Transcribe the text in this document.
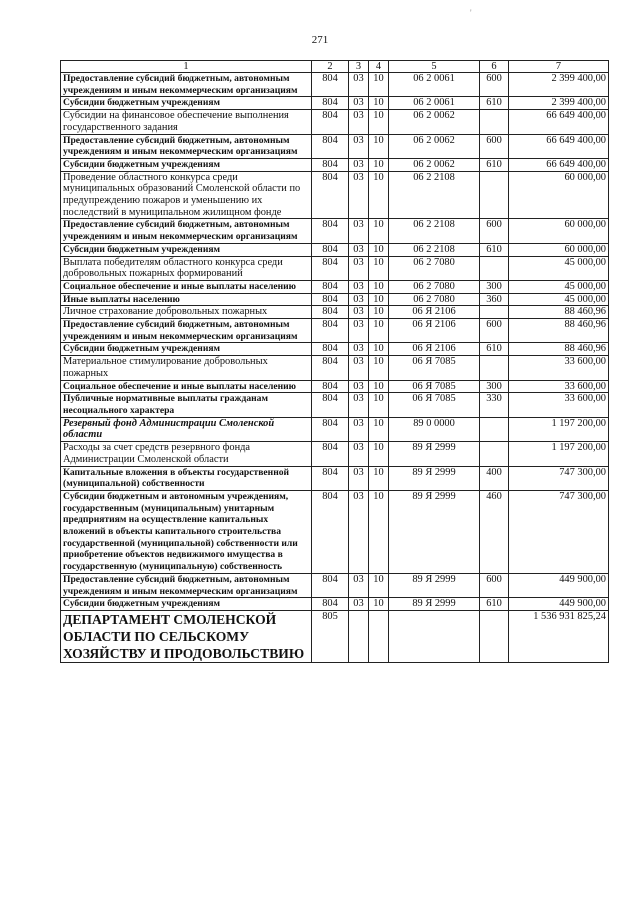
271
'
1	2	3	4	5	6	7
Предоставление субсидий бюджетным, автономным учреждениям и иным некоммерческим организациям	804	03	10	06 2 0061	600	2 399 400,00
Субсидии бюджетным учреждениям	804	03	10	06 2 0061	610	2 399 400,00
Субсидии на финансовое обеспечение выполнения государственного задания	804	03	10	06 2 0062		66 649 400,00
Предоставление субсидий бюджетным, автономным учреждениям и иным некоммерческим организациям	804	03	10	06 2 0062	600	66 649 400,00
Субсидии бюджетным учреждениям	804	03	10	06 2 0062	610	66 649 400,00
Проведение областного конкурса среди муниципальных образований Смоленской области по предупреждению пожаров и уменьшению их последствий в муниципальном жилищном фонде	804	03	10	06 2 2108		60 000,00
Предоставление субсидий бюджетным, автономным учреждениям и иным некоммерческим организациям	804	03	10	06 2 2108	600	60 000,00
Субсидии бюджетным учреждениям	804	03	10	06 2 2108	610	60 000,00
Выплата победителям областного конкурса среди добровольных пожарных формирований	804	03	10	06 2 7080		45 000,00
Социальное обеспечение и иные выплаты населению	804	03	10	06 2 7080	300	45 000,00
Иные выплаты населению	804	03	10	06 2 7080	360	45 000,00
Личное страхование добровольных пожарных	804	03	10	06 Я 2106		88 460,96
Предоставление субсидий бюджетным, автономным учреждениям и иным некоммерческим организациям	804	03	10	06 Я 2106	600	88 460,96
Субсидии бюджетным учреждениям	804	03	10	06 Я 2106	610	88 460,96
Материальное стимулирование добровольных пожарных	804	03	10	06 Я 7085		33 600,00
Социальное обеспечение и иные выплаты населению	804	03	10	06 Я 7085	300	33 600,00
Публичные нормативные выплаты гражданам несоциального характера	804	03	10	06 Я 7085	330	33 600,00
Резервный фонд Администрации Смоленской области	804	03	10	89 0 0000		1 197 200,00
Расходы за счет средств резервного фонда Администрации Смоленской области	804	03	10	89 Я 2999		1 197 200,00
Капитальные вложения в объекты государственной (муниципальной) собственности	804	03	10	89 Я 2999	400	747 300,00
Субсидии бюджетным и автономным учреждениям, государственным (муниципальным) унитарным предприятиям на осуществление капитальных вложений в объекты капитального строительства государственной (муниципальной) собственности или приобретение объектов недвижимого имущества в государственную (муниципальную) собственность	804	03	10	89 Я 2999	460	747 300,00
Предоставление субсидий бюджетным, автономным учреждениям и иным некоммерческим организациям	804	03	10	89 Я 2999	600	449 900,00
Субсидии бюджетным учреждениям	804	03	10	89 Я 2999	610	449 900,00
ДЕПАРТАМЕНТ СМОЛЕНСКОЙ ОБЛАСТИ ПО СЕЛЬСКОМУ ХОЗЯЙСТВУ И ПРОДОВОЛЬСТВИЮ	805					1 536 931 825,24
